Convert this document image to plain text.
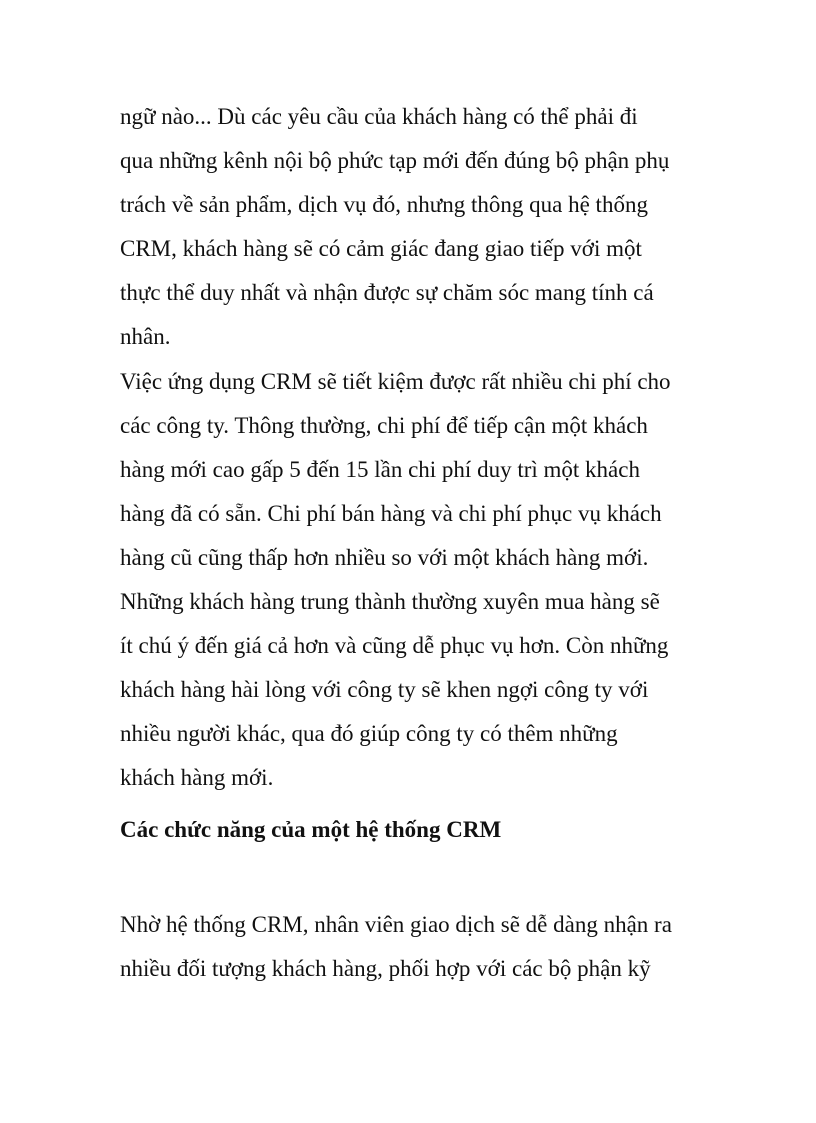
ngữ nào... Dù các yêu cầu của khách hàng có thể phải đi
qua những kênh nội bộ phức tạp mới đến đúng bộ phận phụ
trách về sản phẩm, dịch vụ đó, nhưng thông qua hệ thống
CRM, khách hàng sẽ có cảm giác đang giao tiếp với một
thực thể duy nhất và nhận được sự chăm sóc mang tính cá
nhân.

Việc ứng dụng CRM sẽ tiết kiệm được rất nhiều chi phí cho
các công ty. Thông thường, chi phí để tiếp cận một khách
hàng mới cao gấp 5 đến 15 lần chi phí duy trì một khách
hàng đã có sẵn. Chi phí bán hàng và chi phí phục vụ khách
hàng cũ cũng thấp hơn nhiều so với một khách hàng mới.
Những khách hàng trung thành thường xuyên mua hàng sẽ
ít chú ý đến giá cả hơn và cũng dễ phục vụ hơn. Còn những
khách hàng hài lòng với công ty sẽ khen ngợi công ty với
nhiều người khác, qua đó giúp công ty có thêm những
khách hàng mới.

Các chức năng của một hệ thống CRM

Nhờ hệ thống CRM, nhân viên giao dịch sẽ dễ dàng nhận ra
nhiều đối tượng khách hàng, phối hợp với các bộ phận kỹ
